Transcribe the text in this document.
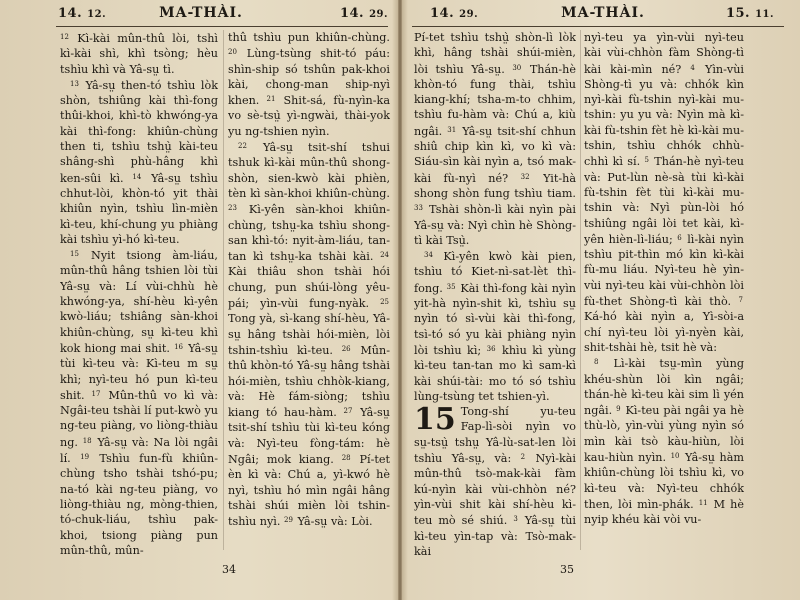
14. 12.	MA-THÀI.	14. 29.

$^{12}$ Kì-kài mûn-thû lòi, tshì kì-kài shì, khì tsòng; hèu tshìu khì và Yâ-sṳ tì.

$^{13}$ Yâ-sṳ then-tó tshìu lòk shòn, tshiûng kài thì-fong thûi-khoi, khì-tò khwóng-ya kài thì-fong: khiûn-chùng then ti, tshìu tshṳ̀ kài-teu shâng-shì phù-hâng khì ken-sûi kì. $^{14}$ Yâ-sṳ tshìu chhut-lòi, khòn-tó yit thài khiûn nyìn, tshìu lìn-mièn kì-teu, khí-chung yu phiàng kài tshìu yì-hó kì-teu.

$^{15}$ Nyit tsiong àm-liáu, mûn-thû hâng tshien lòi tùi Yâ-sṳ và: Lí vùi-chhù hè khwóng-ya, shí-hèu kì-yên kwò-liáu; tshiâng sàn-khoi khiûn-chùng, sṳ kì-teu khì kok hiong mai shit. $^{16}$ Yâ-sṳ tùi kì-teu và: Kì-teu m sṳ khì; nyì-teu hó pun kì-teu shit. $^{17}$ Mûn-thû vo kì và: Ngâi-teu tshài lí put-kwò yu ng-teu piàng, vo liòng-thiàu ng. $^{18}$ Yâ-sṳ và: Na lòi ngâi lí. $^{19}$ Tshìu fun-fù khiûn-chùng tsho tshài tshó-pu; na-tó kài ng-teu piàng, vo liòng-thiàu ng, mòng-thien, tó-chuk-liáu, tshìu pak-khoi, tsiong piàng pun mûn-thû, mûn-

thû tshìu pun khiûn-chùng. $^{20}$ Lùng-tsùng shit-tó páu: shìn-ship só tshûn pak-khoi kài, chong-man ship-nyì khen. $^{21}$ Shit-sá, fù-nyìn-ka vo sè-tsṳ̀ yì-ngwài, thài-yok yu ng-tshien nyìn.

$^{22}$ Yâ-sṳ tsit-shí tshui tshuk kì-kài mûn-thû shong-shòn, sien-kwò kài phièn, tèn kì sàn-khoi khiûn-chùng. $^{23}$ Kì-yên sàn-khoi khiûn-chùng, tshṳ-ka tshìu shong-san khì-tó: nyit-àm-liáu, tan-tan kì tshṳ-ka tshài kài. $^{24}$ Kài thiâu shon tshài hói chung, pun shúi-lòng yêu-pái; yìn-vùi fung-nyàk. $^{25}$ Tong yà, sì-kang shí-hèu, Yâ-sṳ hâng tshài hói-mièn, lòi tshin-tshìu kì-teu. $^{26}$ Mûn-thû khòn-tó Yâ-sṳ hâng tshài hói-mièn, tshìu chhòk-kiang, và: Hè fám-siòng; tshìu kiang tó hau-hàm. $^{27}$ Yâ-sṳ tsit-shí tshìu tùi kì-teu kóng và: Nyì-teu fòng-tám: hè Ngâi; mok kiang. $^{28}$ Pí-tet èn kì và: Chú a, yì-kwó hè nyì, tshìu hó mìn ngâi hâng tshài shúi mièn lòi tshin-tshìu nyì. $^{29}$ Yâ-sṳ và: Lòi.

34
14. 29.	MA-THÀI.	15. 11.

Pí-tet tshìu tshṳ̀ shòn-lì lòk khì, hâng tshài shúi-mièn, lòi tshìu Yâ-sṳ. $^{30}$ Thán-hè khòn-tó fung thài, tshìu kiang-khí; tsha-m-to chhim, tshìu fu-hàm và: Chú a, kiù ngâi. $^{31}$ Yâ-sṳ tsit-shí chhun shiû chip kìn kì, vo kì và: Siáu-sìn kài nyìn a, tsó mak-kài fù-nyì né? $^{32}$ Yit-hà shong shòn fung tshìu tiam. $^{33}$ Tshài shòn-lì kài nyìn pài Yâ-sṳ và: Nyì chìn hè Shòng-tì kài Tsṳ̀.

$^{34}$ Kì-yên kwò kài pien, tshìu tó Kiet-nì-sat-lèt thì-fong. $^{35}$ Kài thì-fong kài nyìn yit-hà nyìn-shit kì, tshìu sṳ nyìn tó sì-vùi kài thì-fong, tsì-tó só yu kài phiàng nyìn lòi tshìu kì; $^{36}$ khìu kì yùng kì-teu tan-tan mo kì sam-kì kài shúi-tài: mo tó só tshìu lùng-tsùng tet tshien-yì.

15 Tong-shí yu-teu Fap-lì-sòi nyìn vo sṳ-tsṳ̀ tshṳ Yâ-lù-sat-len lòi tshìu Yâ-sṳ, và: $^2$ Nyì-kài mûn-thû tsò-mak-kài fàm kú-nyìn kài vùi-chhòn né? yìn-vùi shit kài shí-hèu kì-teu mò sé shiú. $^3$ Yâ-sṳ tùi kì-teu yìn-tap và: Tsò-mak-kài

nyì-teu ya yìn-vùi nyì-teu kài vùi-chhòn fàm Shòng-tì kài kài-mìn né? $^4$ Yìn-vùi Shòng-tì yu và: chhók kìn nyì-kài fù-tshin nyì-kài mu-tshin: yu yu và: Nyìn mà kì-kài fù-tshin fèt hè kì-kài mu-tshin, tshìu chhók chhù-chhì kì sí. $^5$ Thán-hè nyì-teu và: Put-lùn nè-sà tùi kì-kài fù-tshin fèt tùi kì-kài mu-tshin và: Nyì pùn-lòi hó tshiûng ngâi lòi tet kài, kì-yên hièn-lì-liáu; $^6$ lì-kài nyìn tshìu pit-thìn mó kìn kì-kài fù-mu liáu. Nyì-teu hè yìn-vùi nyì-teu kài vùi-chhòn lòi fù-thet Shòng-tì kài thò. $^7$ Ká-hó kài nyìn a, Yì-sòi-a chí nyì-teu lòi yì-nyèn kài, shit-tshài hè, tsit hè và:

$^8$ Lì-kài tsṳ-mìn yùng khéu-shùn lòi kìn ngâi; thán-hè kì-teu kài sim lì yén ngâi. $^9$ Kì-teu pài ngâi ya hè thù-lò, yìn-vùi yùng nyìn só mìn kài tsò kàu-hiùn, lòi kau-hiùn nyìn. $^{10}$ Yâ-sṳ hàm khiûn-chùng lòi tshìu kì, vo kì-teu và: Nyì-teu chhók then, lòi mìn-phák. $^{11}$ M hè nyip khéu kài vòi vu-

35
